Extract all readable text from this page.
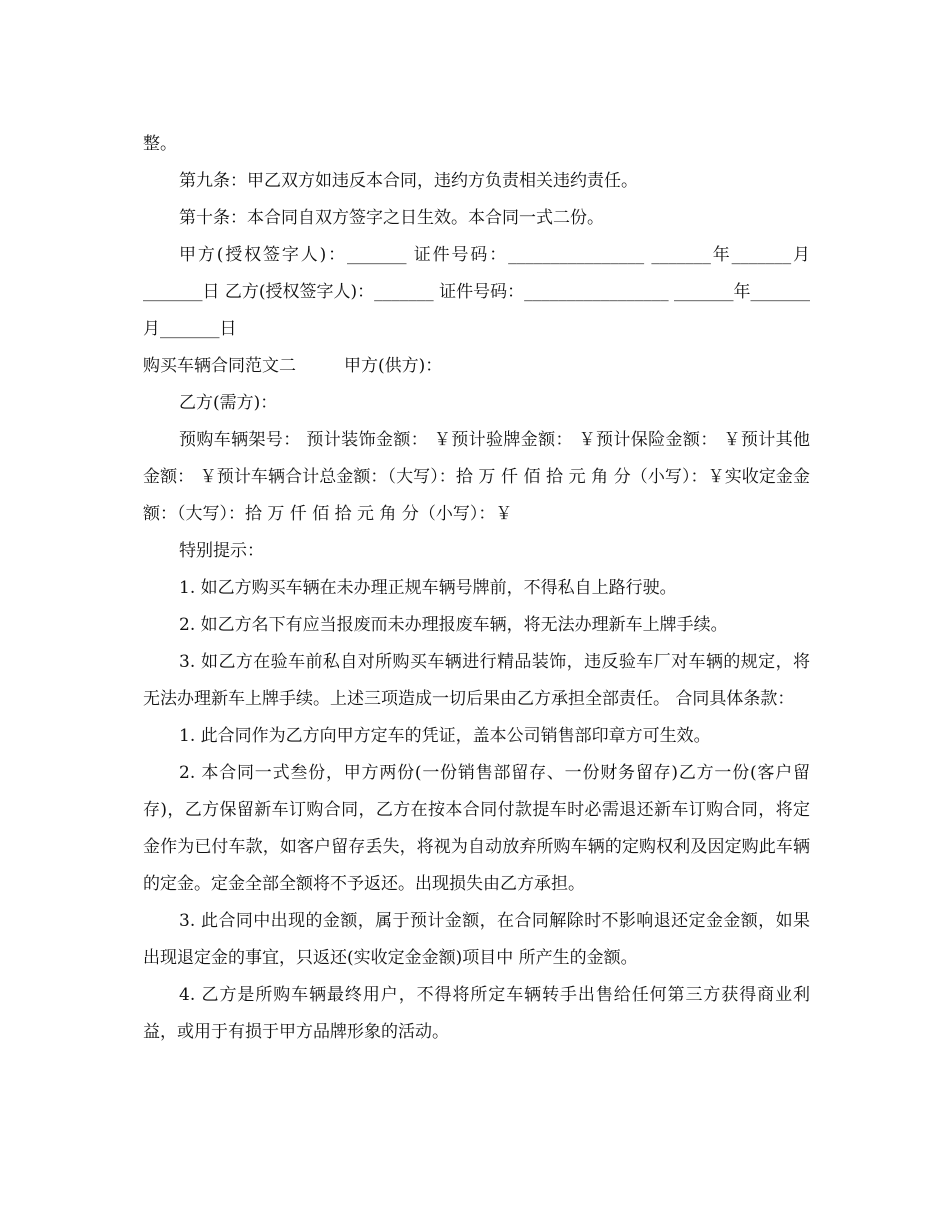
整。

第九条：甲乙双方如违反本合同，违约方负责相关违约责任。

第十条：本合同自双方签字之日生效。本合同一式二份。

甲方(授权签字人)：_______ 证件号码：________________ _______年_______月_______日 乙方(授权签字人)：_______ 证件号码：_________________ _______年_______月_______日

购买车辆合同范文二	甲方(供方)：

乙方(需方)：

预购车辆架号： 预计装饰金额： ￥预计验牌金额： ￥预计保险金额： ￥预计其他金额： ￥预计车辆合计总金额：（大写）：拾 万 仟 佰 拾 元 角 分（小写）：￥实收定金金额：（大写）：拾 万 仟 佰 拾 元 角 分（小写）：￥

特别提示：

1. 如乙方购买车辆在未办理正规车辆号牌前，不得私自上路行驶。

2. 如乙方名下有应当报废而未办理报废车辆，将无法办理新车上牌手续。

3. 如乙方在验车前私自对所购买车辆进行精品装饰，违反验车厂对车辆的规定，将无法办理新车上牌手续。上述三项造成一切后果由乙方承担全部责任。 合同具体条款：

1. 此合同作为乙方向甲方定车的凭证，盖本公司销售部印章方可生效。

2. 本合同一式叁份，甲方两份(一份销售部留存、一份财务留存)乙方一份(客户留存)，乙方保留新车订购合同，乙方在按本合同付款提车时必需退还新车订购合同，将定金作为已付车款，如客户留存丢失，将视为自动放弃所购车辆的定购权利及因定购此车辆的定金。定金全部全额将不予返还。出现损失由乙方承担。

3. 此合同中出现的金额，属于预计金额，在合同解除时不影响退还定金金额，如果出现退定金的事宜，只返还(实收定金金额)项目中 所产生的金额。

4. 乙方是所购车辆最终用户，不得将所定车辆转手出售给任何第三方获得商业利益，或用于有损于甲方品牌形象的活动。
